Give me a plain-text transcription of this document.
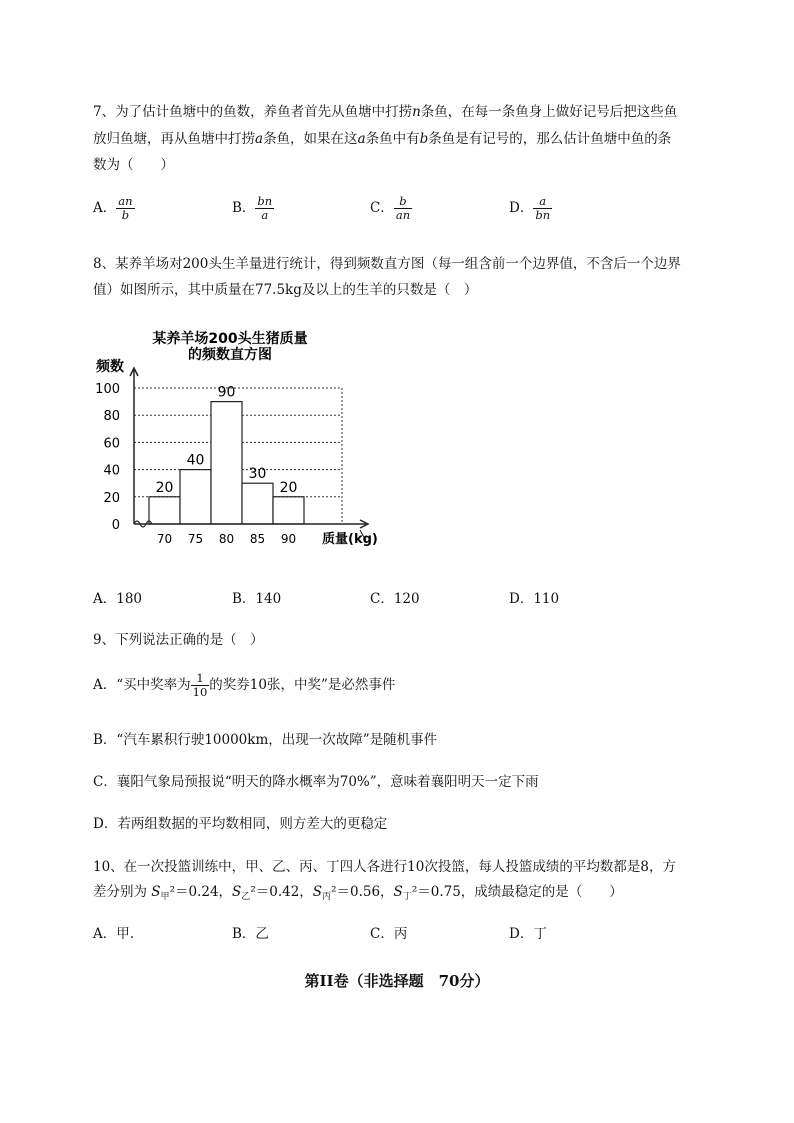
7、为了估计鱼塘中的鱼数，养鱼者首先从鱼塘中打捞n条鱼，在每一条鱼身上做好记号后把这些鱼
放归鱼塘，再从鱼塘中打捞a条鱼，如果在这a条鱼中有b条鱼是有记号的，那么估计鱼塘中鱼的条
数为（　　）
A． $\frac{an}{b}$	B． $\frac{bn}{a}$	C． $\frac{b}{an}$	D． $\frac{a}{bn}$
8、某养羊场对200头生羊量进行统计，得到频数直方图（每一组含前一个边界值，不含后一个边界
值）如图所示，其中质量在77.5kg及以上的生羊的只数是（　）
某养羊场200头生猪质量
的频数直方图
频数
20
40
90
30
20
0
20
40
60
80
100
70 75 80 85 90 质量(kg)
A．180	B．140	C．120	D．110
9、下列说法正确的是（　）
A．“买中奖率为 $\frac{1}{10}$ 的奖券10张，中奖”是必然事件
B．“汽车累积行驶10000km，出现一次故障”是随机事件
C．襄阳气象局预报说“明天的降水概率为70%”，意味着襄阳明天一定下雨
D．若两组数据的平均数相同，则方差大的更稳定
10、在一次投篮训练中，甲、乙、丙、丁四人各进行10次投篮，每人投篮成绩的平均数都是8，方
差分别为 $S_甲^2=0.24$，$S_乙^2=0.42$，$S_丙^2=0.56$，$S_丁^2=0.75$，成绩最稳定的是（　　）
A．甲.	B．乙	C．丙	D．丁
第II卷（非选择题　70分）
